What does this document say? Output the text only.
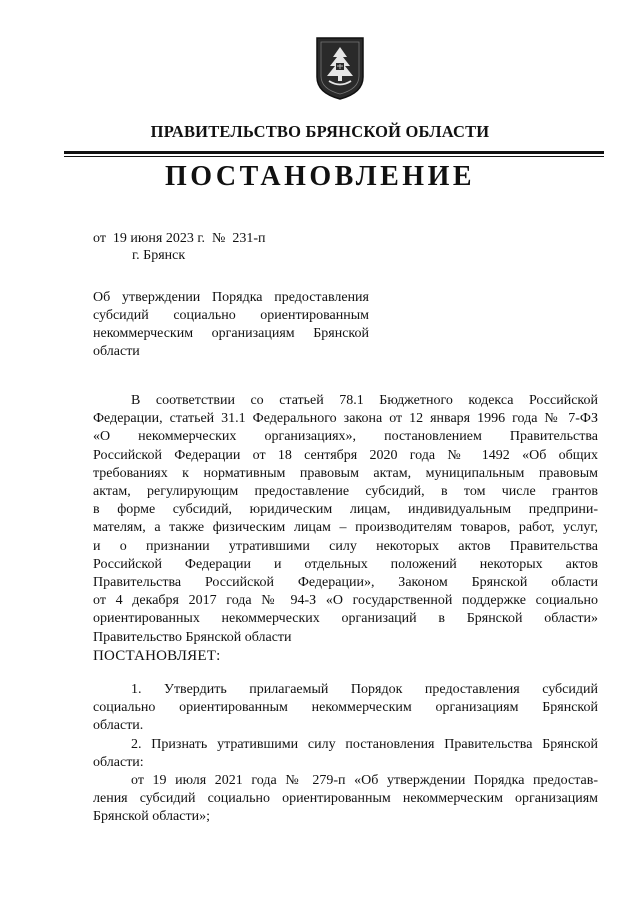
ПРАВИТЕЛЬСТВО БРЯНСКОЙ ОБЛАСТИ
ПОСТАНОВЛЕНИЕ
от  19 июня 2023 г.  №  231-п
г. Брянск
Об утверждении Порядка предоставления
субсидий социально ориентированным
некоммерческим организациям Брянской
области
В соответствии со статьей 78.1 Бюджетного кодекса Российской
Федерации, статьей 31.1 Федерального закона от 12 января 1996 года № 7-ФЗ
«О некоммерческих организациях», постановлением Правительства
Российской Федерации от 18 сентября 2020 года № 1492 «Об общих
требованиях к нормативным правовым актам, муниципальным правовым
актам, регулирующим предоставление субсидий, в том числе грантов
в форме субсидий, юридическим лицам, индивидуальным предприни-
мателям, а также физическим лицам – производителям товаров, работ, услуг,
и о признании утратившими силу некоторых актов Правительства
Российской Федерации и отдельных положений некоторых актов
Правительства Российской Федерации», Законом Брянской области
от 4 декабря 2017 года № 94-З «О государственной поддержке социально
ориентированных некоммерческих организаций в Брянской области»
Правительство Брянской области
ПОСТАНОВЛЯЕТ:
1. Утвердить прилагаемый Порядок предоставления субсидий
социально ориентированным некоммерческим организациям Брянской
области.
2. Признать утратившими силу постановления Правительства Брянской
области:
от 19 июля 2021 года № 279-п «Об утверждении Порядка предостав-
ления субсидий социально ориентированным некоммерческим организациям
Брянской области»;
